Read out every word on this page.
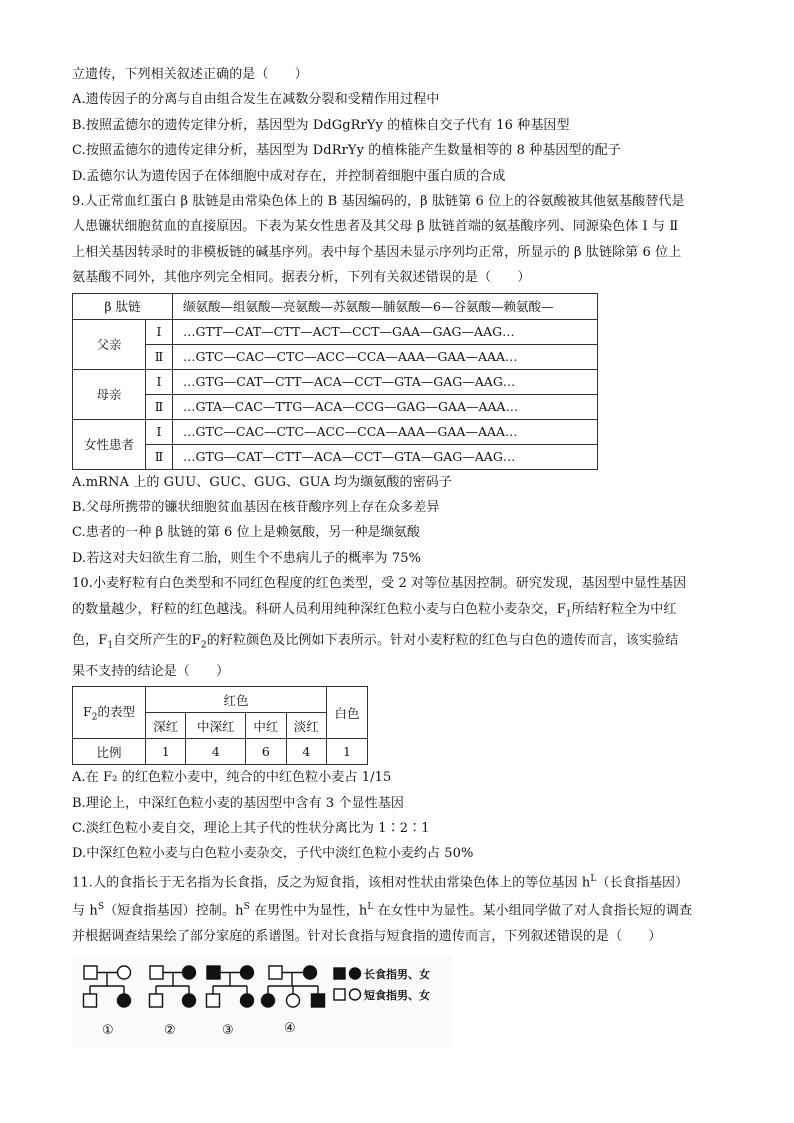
立遗传，下列相关叙述正确的是（　　）

A.遗传因子的分离与自由组合发生在减数分裂和受精作用过程中

B.按照孟德尔的遗传定律分析，基因型为 DdGgRrYy 的植株自交子代有 16 种基因型

C.按照孟德尔的遗传定律分析，基因型为 DdRrYy 的植株能产生数量相等的 8 种基因型的配子

D.孟德尔认为遗传因子在体细胞中成对存在，并控制着细胞中蛋白质的合成

9.人正常血红蛋白 β 肽链是由常染色体上的 B 基因编码的，β 肽链第 6 位上的谷氨酸被其他氨基酸替代是

人患镰状细胞贫血的直接原因。下表为某女性患者及其父母 β 肽链首端的氨基酸序列、同源染色体 Ⅰ 与 Ⅱ

上相关基因转录时的非模板链的碱基序列。表中每个基因未显示序列均正常，所显示的 β 肽链除第 6 位上

氨基酸不同外，其他序列完全相同。据表分析，下列有关叙述错误的是（　　）

β 肽链		缬氨酸—组氨酸—亮氨酸—苏氨酸—脯氨酸—6—谷氨酸—赖氨酸—
父亲	Ⅰ	…GTT—CAT—CTT—ACT—CCT—GAA—GAG—AAG…
	Ⅱ	…GTC—CAC—CTC—ACC—CCA—AAA—GAA—AAA…
母亲	Ⅰ	…GTG—CAT—CTT—ACA—CCT—GTA—GAG—AAG…
	Ⅱ	…GTA—CAC—TTG—ACA—CCG—GAG—GAA—AAA…
女性患者	Ⅰ	…GTC—CAC—CTC—ACC—CCA—AAA—GAA—AAA…
	Ⅱ	…GTG—CAT—CTT—ACA—CCT—GTA—GAG—AAG…

A.mRNA 上的 GUU、GUC、GUG、GUA 均为缬氨酸的密码子

B.父母所携带的镰状细胞贫血基因在核苷酸序列上存在众多差异

C.患者的一种 β 肽链的第 6 位上是赖氨酸，另一种是缬氨酸

D.若这对夫妇欲生育二胎，则生个不患病儿子的概率为 75%

10.小麦籽粒有白色类型和不同红色程度的红色类型，受 2 对等位基因控制。研究发现，基因型中显性基因

的数量越少，籽粒的红色越浅。科研人员利用纯种深红色粒小麦与白色粒小麦杂交，$F_1$所结籽粒全为中红

色，$F_1$自交所产生的$F_2$的籽粒颜色及比例如下表所示。针对小麦籽粒的红色与白色的遗传而言，该实验结

果不支持的结论是（　　）

$F_2$的表型	红色				白色
	深红	中深红	中红	淡红	
比例	1	4	6	4	1

A.在 F₂ 的红色粒小麦中，纯合的中红色粒小麦占 1/15

B.理论上，中深红色粒小麦的基因型中含有 3 个显性基因

C.淡红色粒小麦自交，理论上其子代的性状分离比为 1∶2∶1

D.中深红色粒小麦与白色粒小麦杂交，子代中淡红色粒小麦约占 50%

11.人的食指长于无名指为长食指，反之为短食指，该相对性状由常染色体上的等位基因 $h^L$（长食指基因）

与 $h^S$（短食指基因）控制。$h^S$ 在男性中为显性，$h^L$ 在女性中为显性。某小组同学做了对人食指长短的调查

并根据调查结果绘了部分家庭的系谱图。针对长食指与短食指的遗传而言，下列叙述错误的是（　　）

长食指男、女
短食指男、女
①	②	③	④
